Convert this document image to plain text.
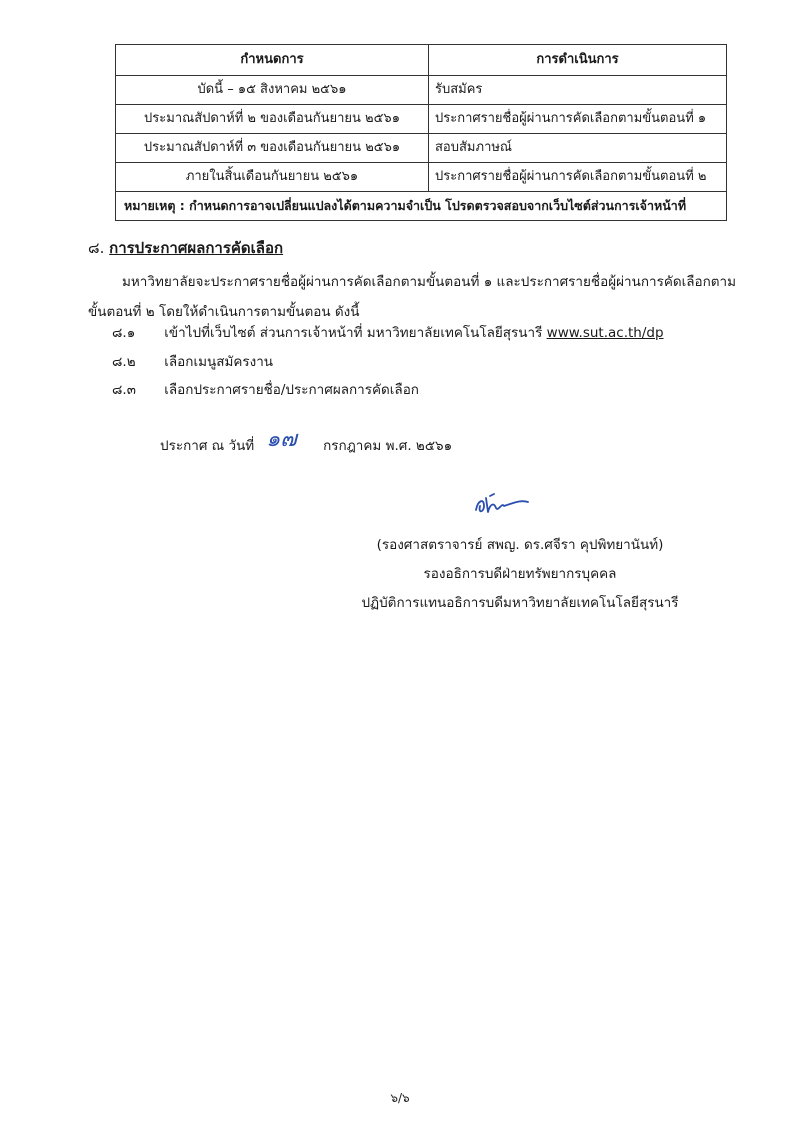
กำหนดการ	การดำเนินการ
บัดนี้ – ๑๕ สิงหาคม ๒๕๖๑	รับสมัคร
ประมาณสัปดาห์ที่ ๒ ของเดือนกันยายน ๒๕๖๑	ประกาศรายชื่อผู้ผ่านการคัดเลือกตามขั้นตอนที่ ๑
ประมาณสัปดาห์ที่ ๓ ของเดือนกันยายน ๒๕๖๑	สอบสัมภาษณ์
ภายในสิ้นเดือนกันยายน ๒๕๖๑	ประกาศรายชื่อผู้ผ่านการคัดเลือกตามขั้นตอนที่ ๒
หมายเหตุ : กำหนดการอาจเปลี่ยนแปลงได้ตามความจำเป็น โปรดตรวจสอบจากเว็บไซต์ส่วนการเจ้าหน้าที่	
๘. การประกาศผลการคัดเลือก
มหาวิทยาลัยจะประกาศรายชื่อผู้ผ่านการคัดเลือกตามขั้นตอนที่ ๑ และประกาศรายชื่อผู้ผ่านการคัดเลือกตามขั้นตอนที่ ๒ โดยให้ดำเนินการตามขั้นตอน ดังนี้
๘.๑ เข้าไปที่เว็บไซต์ ส่วนการเจ้าหน้าที่ มหาวิทยาลัยเทคโนโลยีสุรนารี www.sut.ac.th/dp
๘.๒ เลือกเมนูสมัครงาน
๘.๓ เลือกประกาศรายชื่อ/ประกาศผลการคัดเลือก
ประกาศ ณ วันที่ ๑๗ กรกฎาคม พ.ศ. ๒๕๖๑
(รองศาสตราจารย์ สพญ. ดร.ศจีรา คุปพิทยานันท์)
รองอธิการบดีฝ่ายทรัพยากรบุคคล
ปฏิบัติการแทนอธิการบดีมหาวิทยาลัยเทคโนโลยีสุรนารี
๖/๖
